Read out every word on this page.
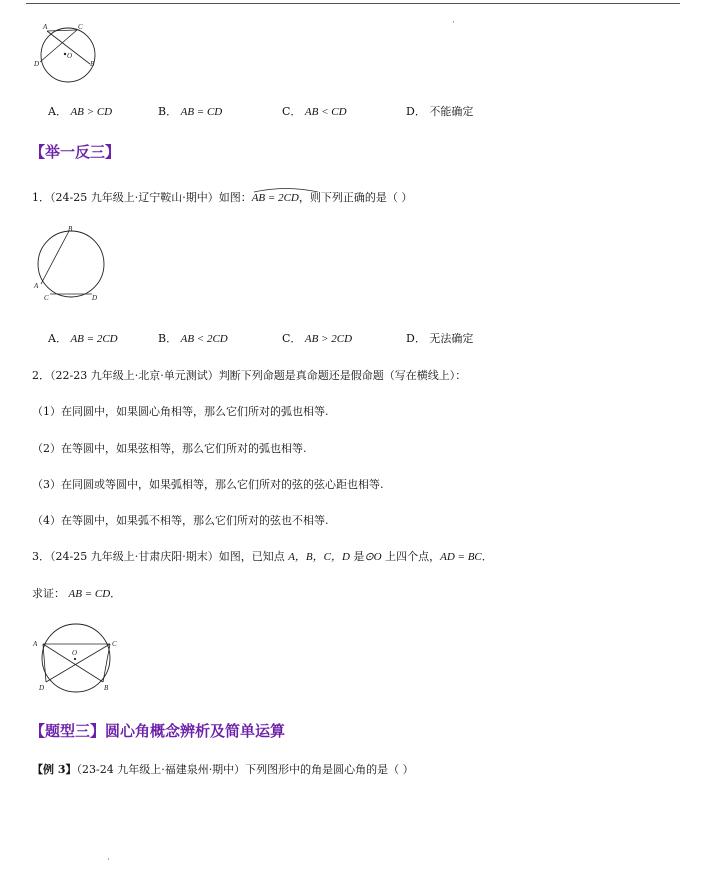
·
A	C
O
D	B
A． AB > CD	B． AB = CD	C． AB < CD	D． 不能确定
【举一反三】
1．（24-25 九年级上·辽宁鞍山·期中）如图：
AB = 2CD，则下列正确的是（ ）
B
A
C	D
A． AB = 2CD	B． AB < 2CD	C． AB > 2CD	D． 无法确定
2．（22-23 九年级上·北京·单元测试）判断下列命题是真命题还是假命题（写在横线上）：
（1）在同圆中，如果圆心角相等，那么它们所对的弧也相等.
（2）在等圆中，如果弦相等，那么它们所对的弧也相等.
（3）在同圆或等圆中，如果弧相等，那么它们所对的弦的弦心距也相等.
（4）在等圆中，如果弧不相等，那么它们所对的弦也不相等.
3．（24-25 九年级上·甘肃庆阳·期末）如图，已知点 A，B，C，D 是⊙O 上四个点，AD = BC．
求证： AB = CD．
A	C
O
D	B
【题型三】圆心角概念辨析及简单运算
【例 3】（23-24 九年级上·福建泉州·期中）下列图形中的角是圆心角的是（ ）
·
